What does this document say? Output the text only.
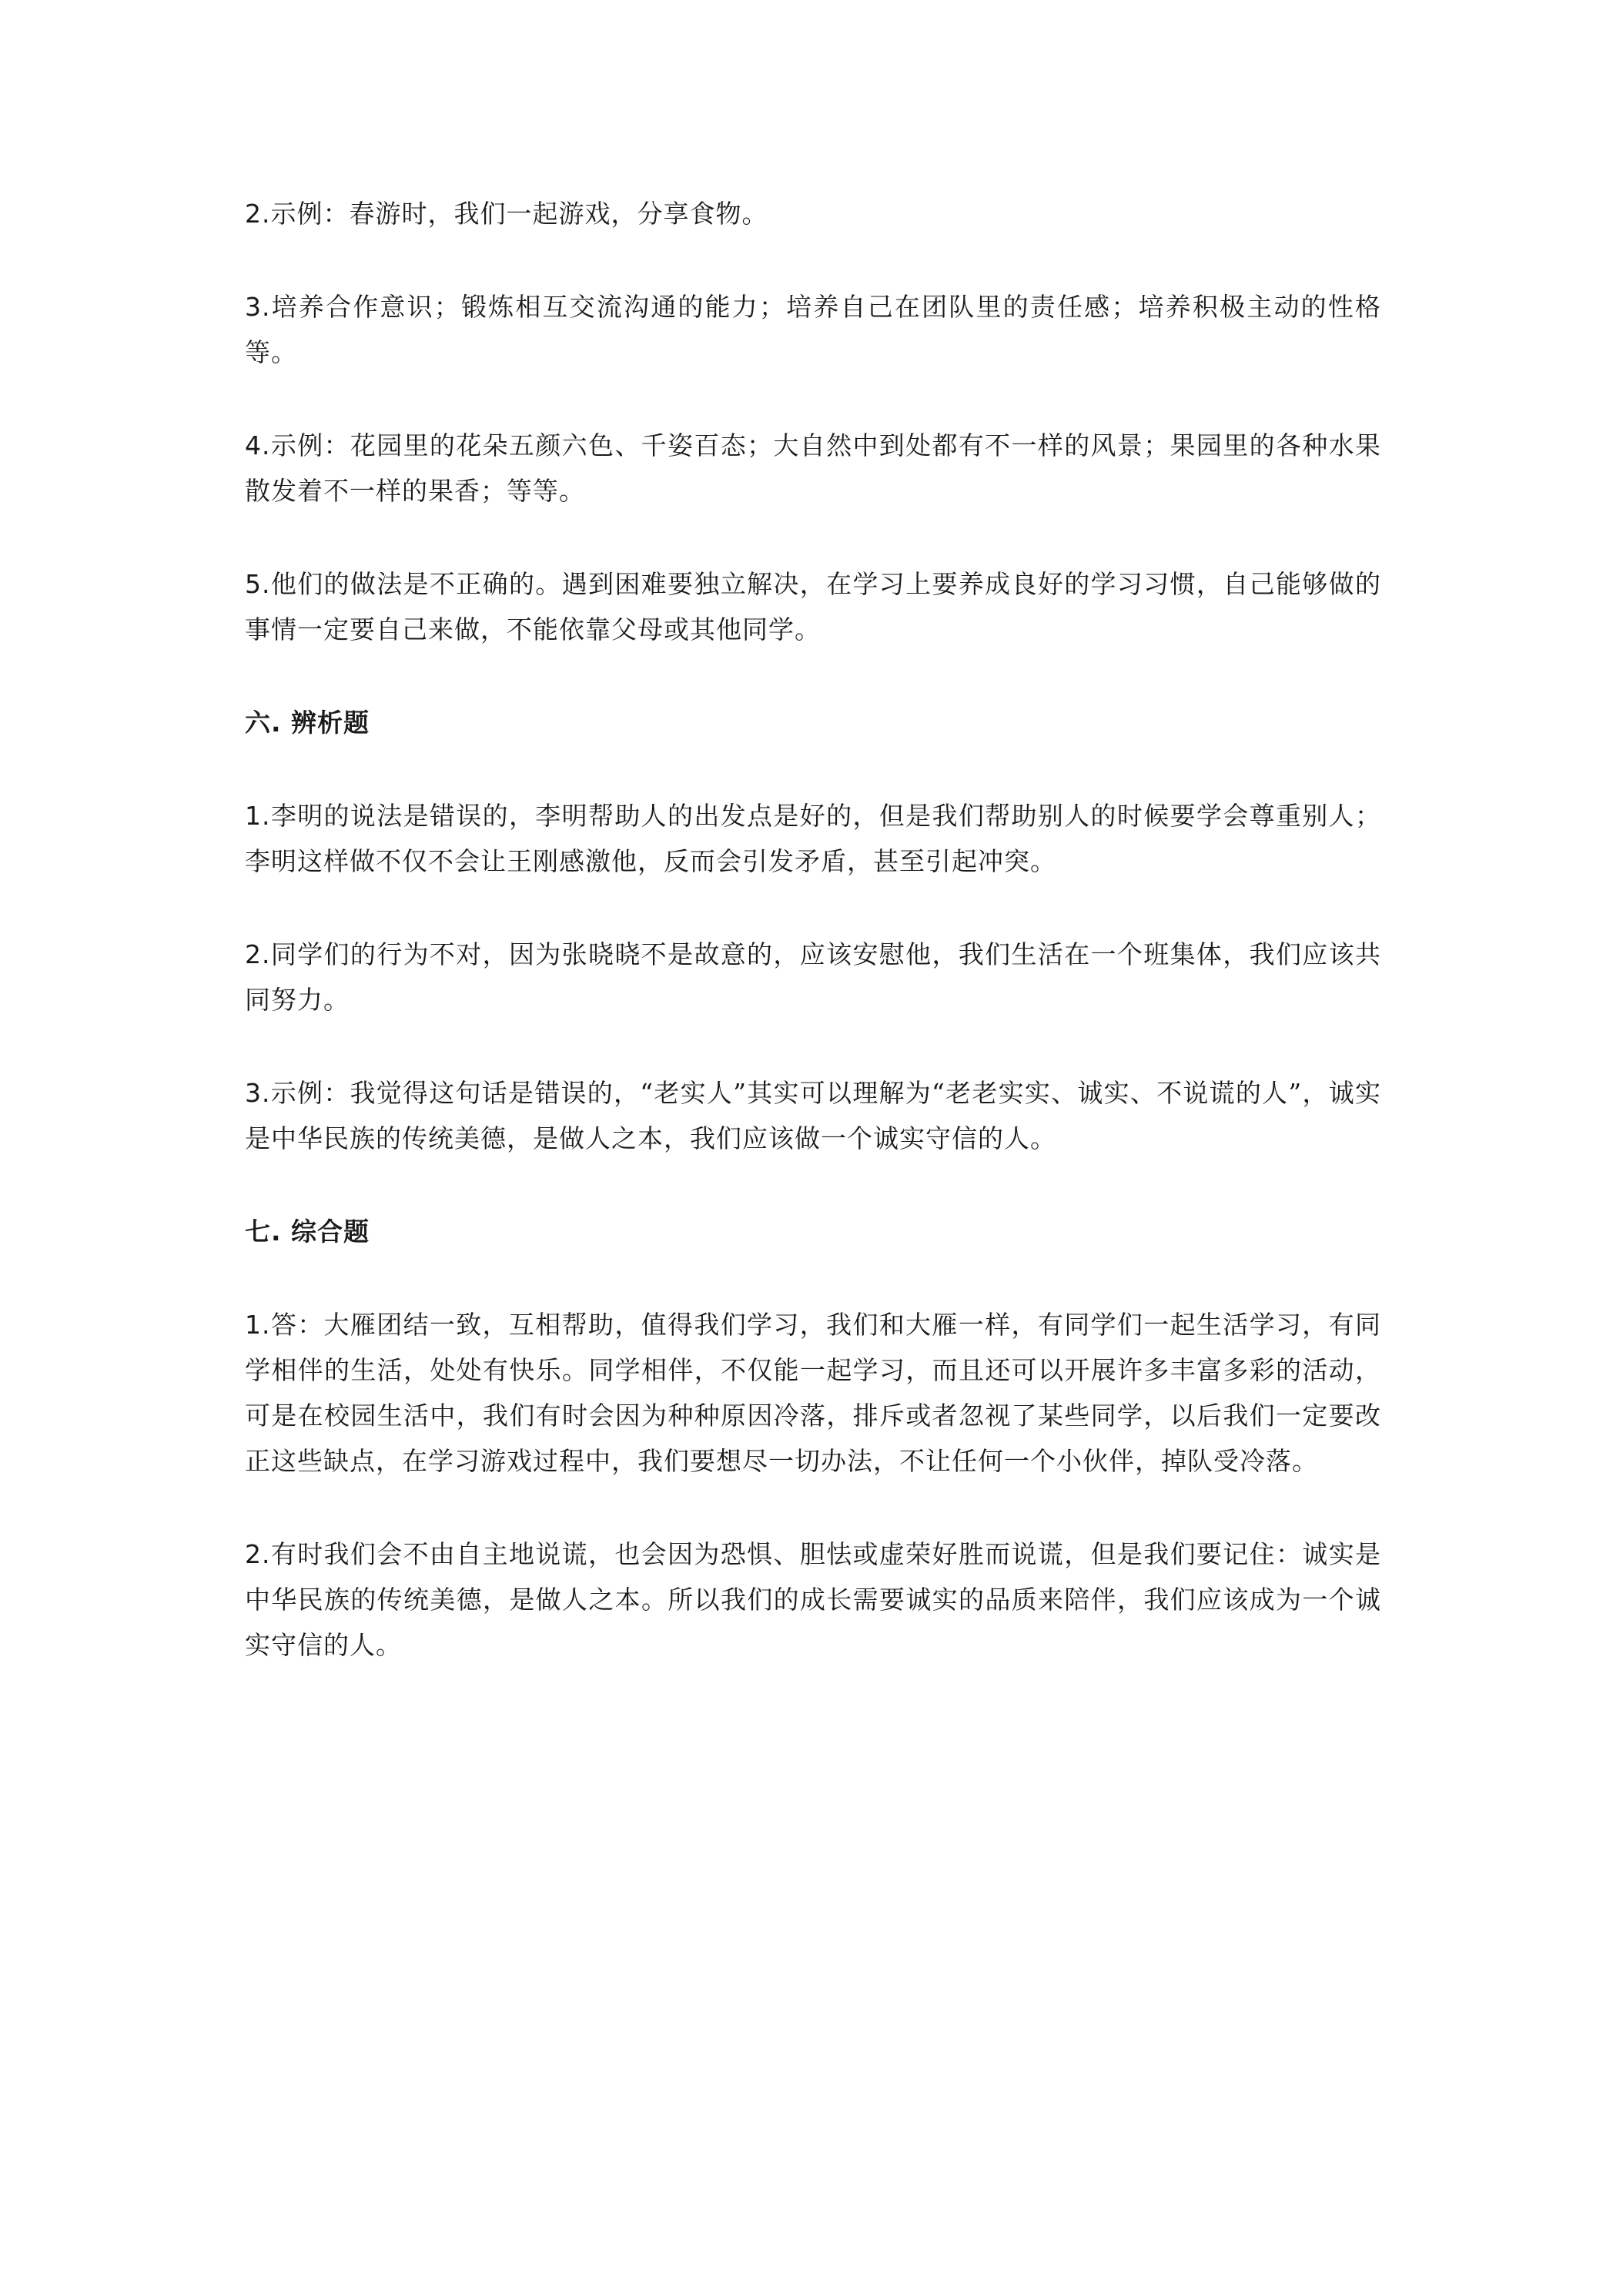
2.示例：春游时，我们一起游戏，分享食物。

3.培养合作意识；锻炼相互交流沟通的能力；培养自己在团队里的责任感；培养积极主动的性格等。

4.示例：花园里的花朵五颜六色、千姿百态；大自然中到处都有不一样的风景；果园里的各种水果散发着不一样的果香；等等。

5.他们的做法是不正确的。遇到困难要独立解决，在学习上要养成良好的学习习惯，自己能够做的事情一定要自己来做，不能依靠父母或其他同学。

六. 辨析题

1.李明的说法是错误的，李明帮助人的出发点是好的，但是我们帮助别人的时候要学会尊重别人；李明这样做不仅不会让王刚感激他，反而会引发矛盾，甚至引起冲突。

2.同学们的行为不对，因为张晓晓不是故意的，应该安慰他，我们生活在一个班集体，我们应该共同努力。

3.示例：我觉得这句话是错误的，“老实人”其实可以理解为“老老实实、诚实、不说谎的人”，诚实是中华民族的传统美德，是做人之本，我们应该做一个诚实守信的人。

七. 综合题

1.答：大雁团结一致，互相帮助，值得我们学习，我们和大雁一样，有同学们一起生活学习，有同学相伴的生活，处处有快乐。同学相伴，不仅能一起学习，而且还可以开展许多丰富多彩的活动，可是在校园生活中，我们有时会因为种种原因冷落，排斥或者忽视了某些同学，以后我们一定要改正这些缺点，在学习游戏过程中，我们要想尽一切办法，不让任何一个小伙伴，掉队受冷落。

2.有时我们会不由自主地说谎，也会因为恐惧、胆怯或虚荣好胜而说谎，但是我们要记住：诚实是中华民族的传统美德，是做人之本。所以我们的成长需要诚实的品质来陪伴，我们应该成为一个诚实守信的人。
